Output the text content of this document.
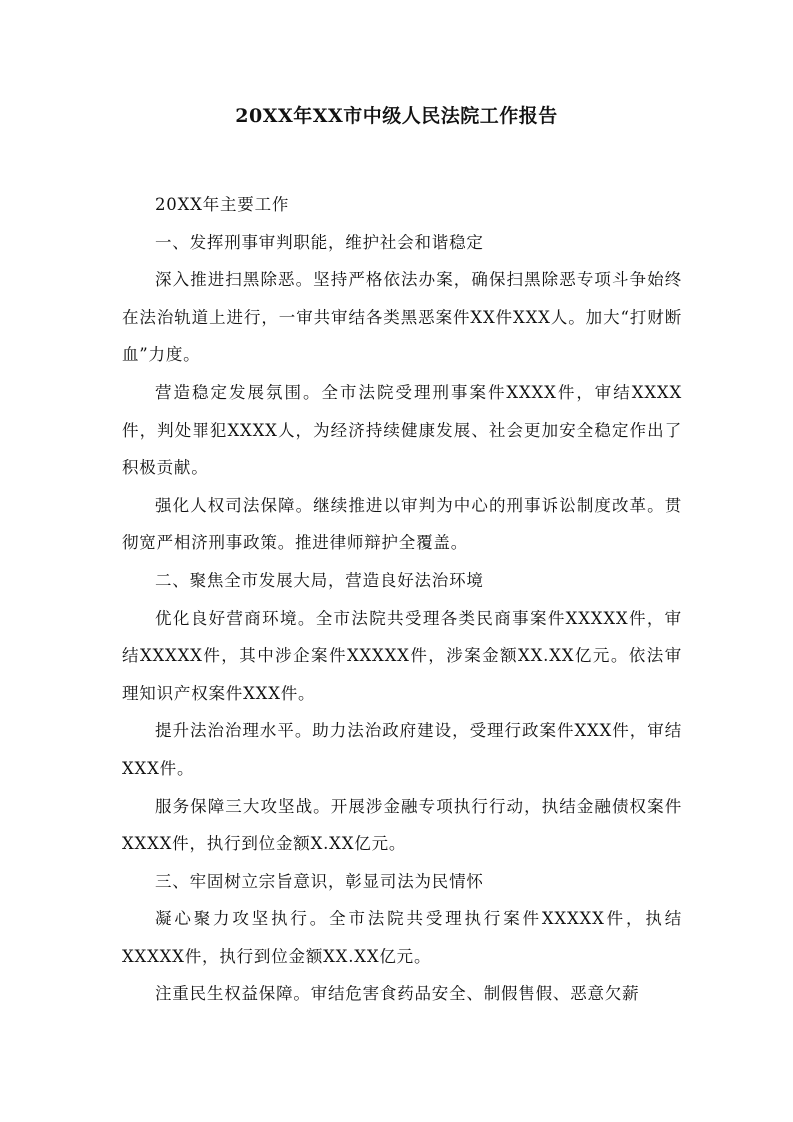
20XX年XX市中级人民法院工作报告

20XX年主要工作

一、发挥刑事审判职能，维护社会和谐稳定

深入推进扫黑除恶。坚持严格依法办案，确保扫黑除恶专项斗争始终在法治轨道上进行，一审共审结各类黑恶案件XX件XXX人。加大“打财断血”力度。

营造稳定发展氛围。全市法院受理刑事案件XXXX件，审结XXXX件，判处罪犯XXXX人，为经济持续健康发展、社会更加安全稳定作出了积极贡献。

强化人权司法保障。继续推进以审判为中心的刑事诉讼制度改革。贯彻宽严相济刑事政策。推进律师辩护全覆盖。

二、聚焦全市发展大局，营造良好法治环境

优化良好营商环境。全市法院共受理各类民商事案件XXXXX件，审结XXXXX件，其中涉企案件XXXXX件，涉案金额XX.XX亿元。依法审理知识产权案件XXX件。

提升法治治理水平。助力法治政府建设，受理行政案件XXX件，审结XXX件。

服务保障三大攻坚战。开展涉金融专项执行行动，执结金融债权案件XXXX件，执行到位金额X.XX亿元。

三、牢固树立宗旨意识，彰显司法为民情怀

凝心聚力攻坚执行。全市法院共受理执行案件XXXXX件，执结XXXXX件，执行到位金额XX.XX亿元。

注重民生权益保障。审结危害食药品安全、制假售假、恶意欠薪
